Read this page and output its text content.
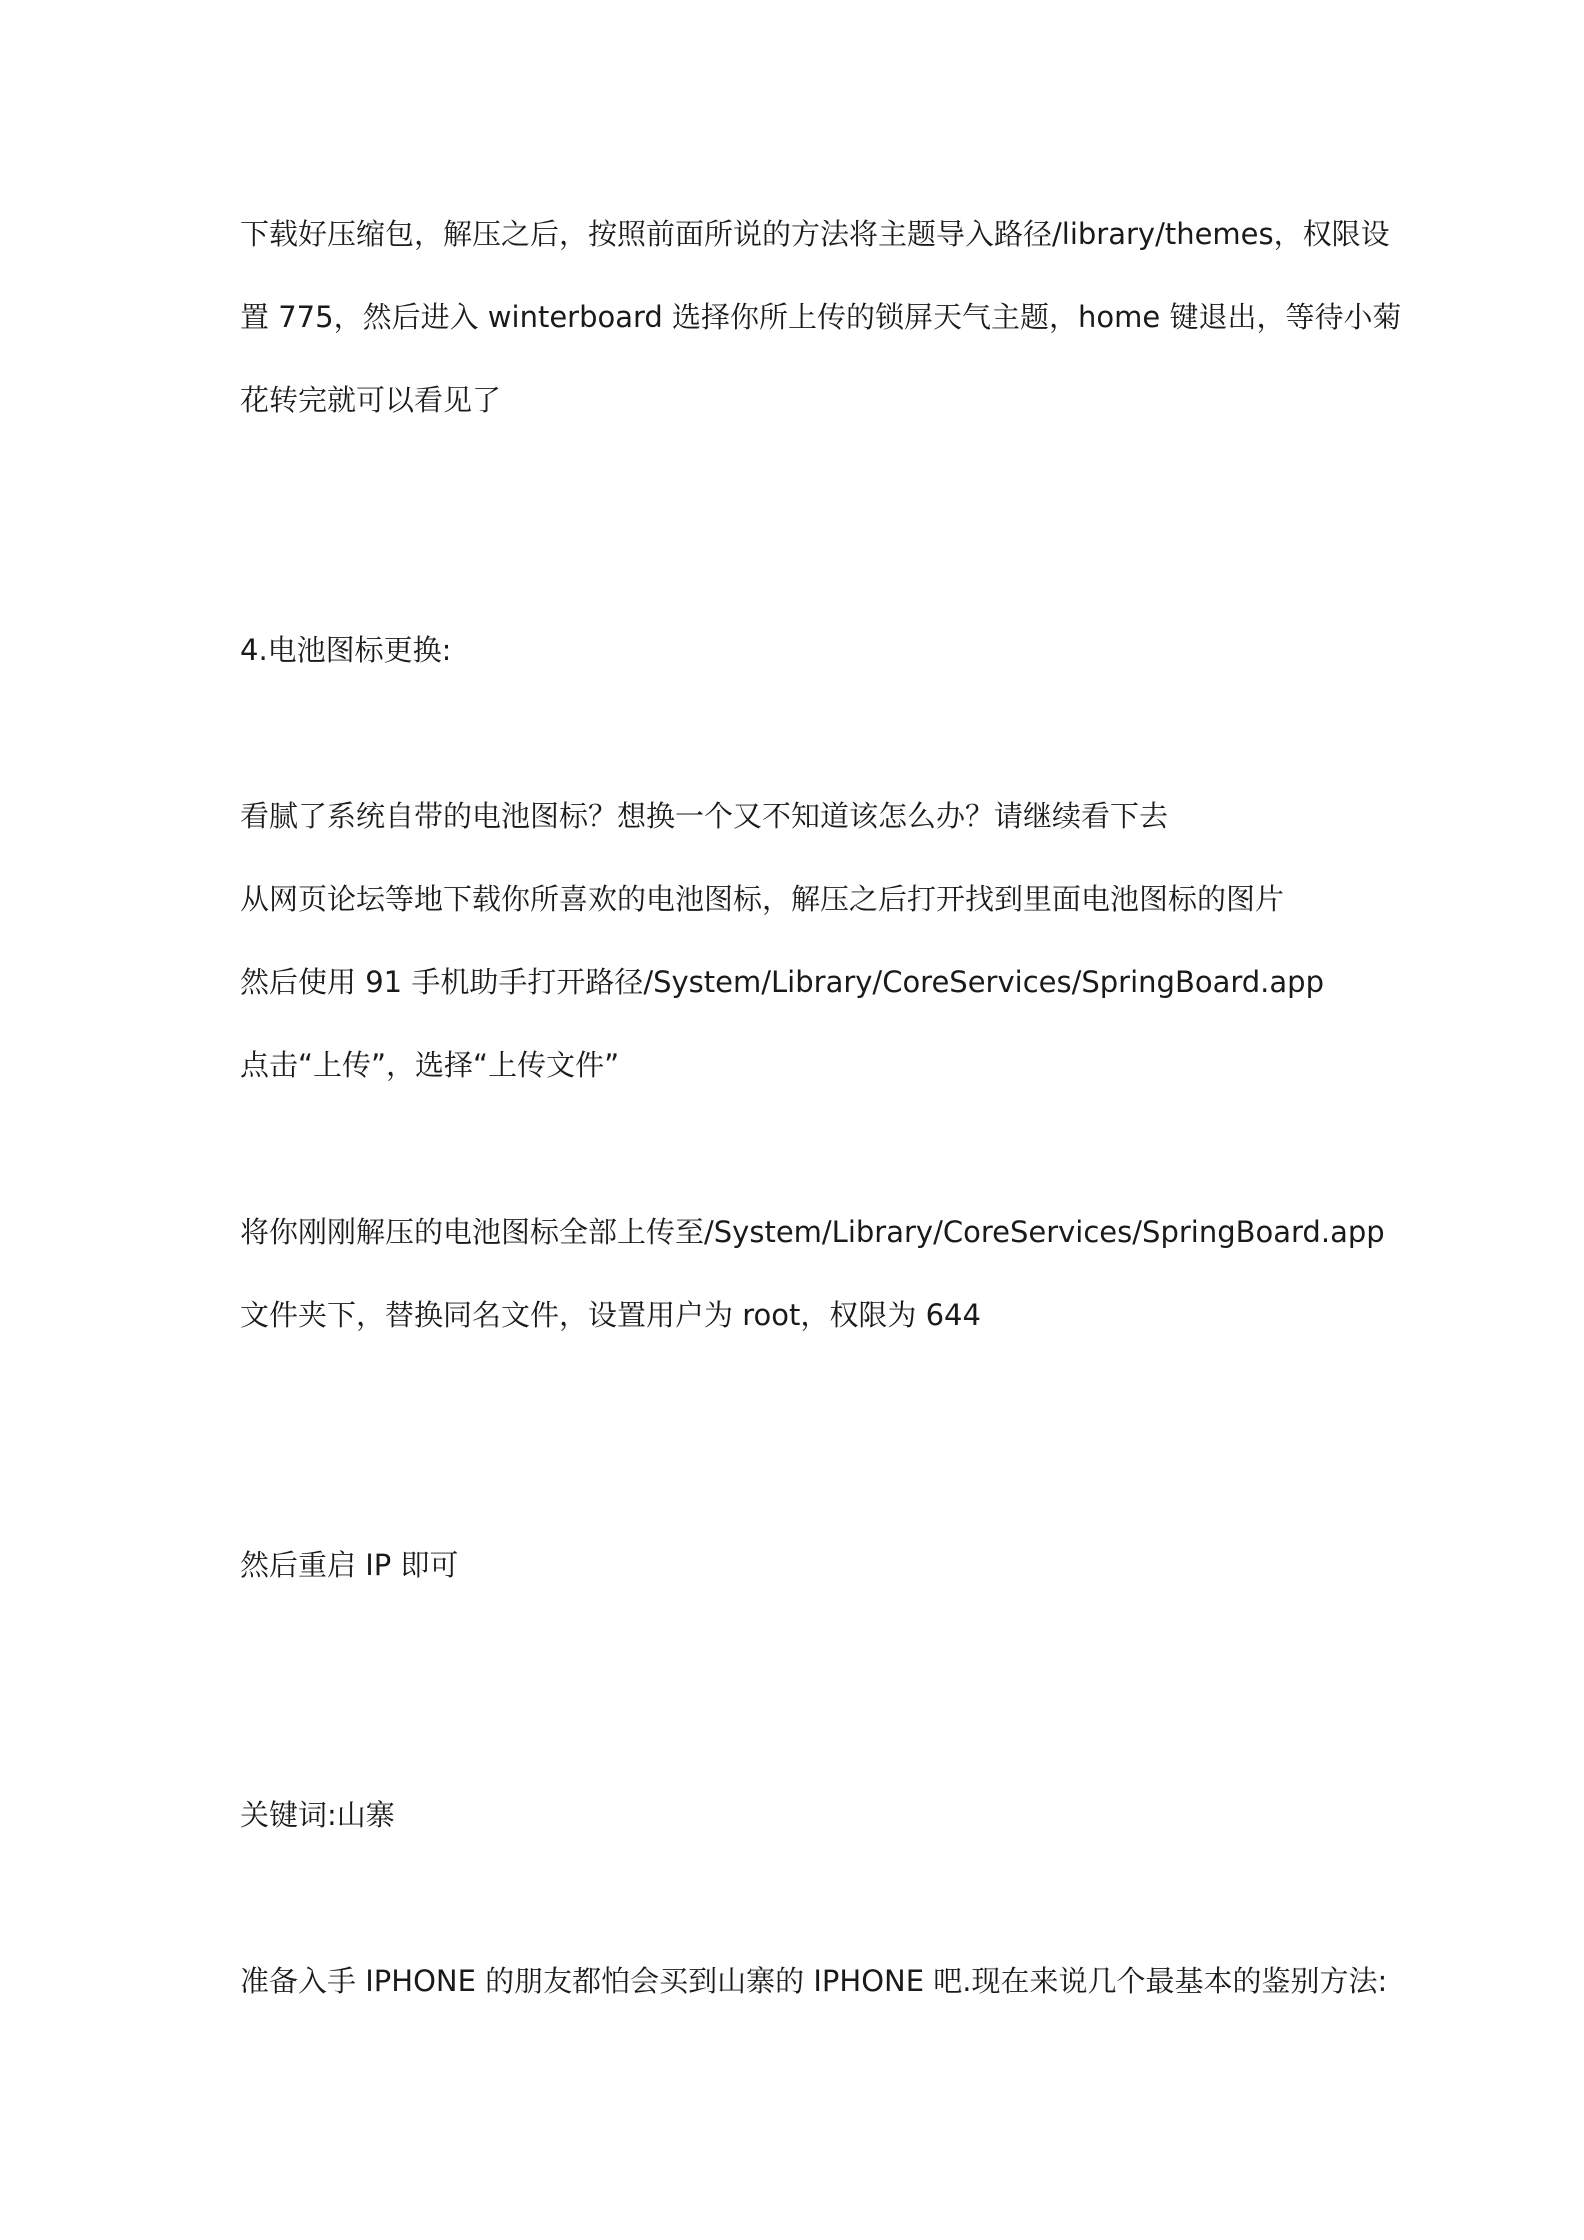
下载好压缩包，解压之后，按照前面所说的方法将主题导入路径/library/themes，权限设
置 775，然后进入 winterboard 选择你所上传的锁屏天气主题，home 键退出，等待小菊
花转完就可以看见了
4.电池图标更换:
看腻了系统自带的电池图标？想换一个又不知道该怎么办？请继续看下去
从网页论坛等地下载你所喜欢的电池图标，解压之后打开找到里面电池图标的图片
然后使用 91 手机助手打开路径/System/Library/CoreServices/SpringBoard.app
点击“上传”，选择“上传文件”
将你刚刚解压的电池图标全部上传至/System/Library/CoreServices/SpringBoard.app
文件夹下，替换同名文件，设置用户为 root，权限为 644
然后重启 IP 即可
关键词:山寨
准备入手 IPHONE 的朋友都怕会买到山寨的 IPHONE 吧.现在来说几个最基本的鉴别方法:
